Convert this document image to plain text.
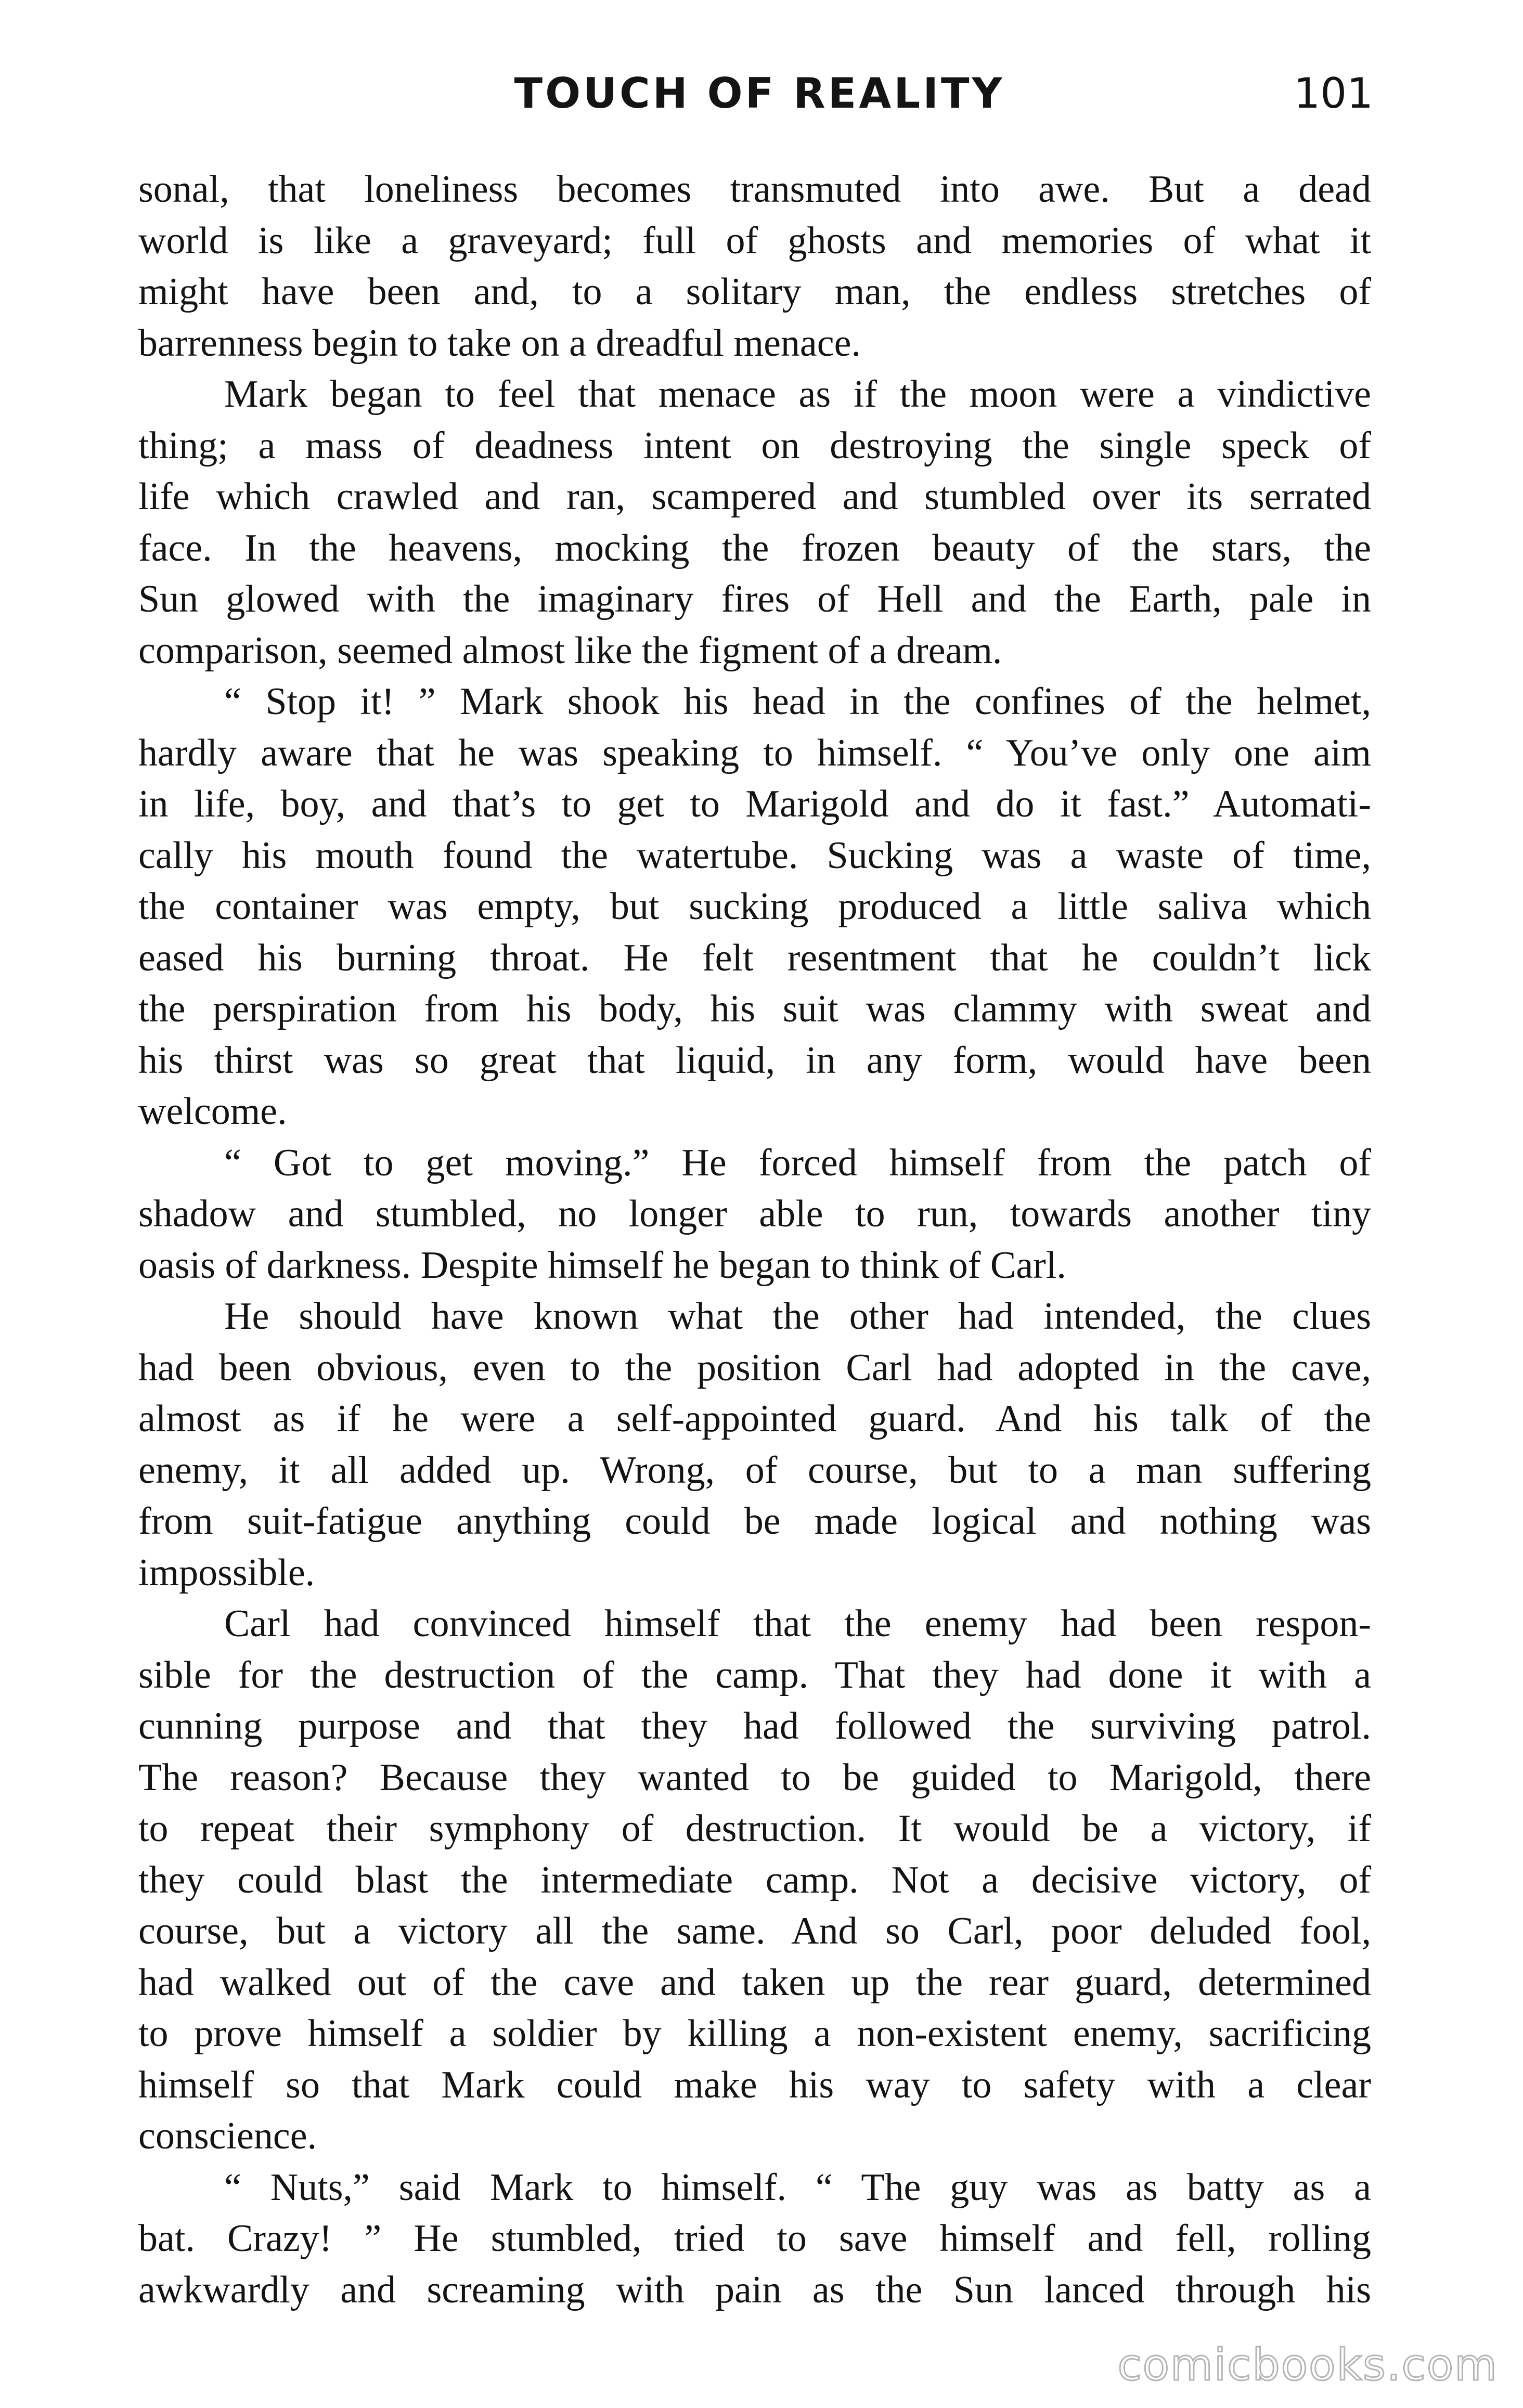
TOUCH OF REALITY	101
sonal, that loneliness becomes transmuted into awe. But a dead
world is like a graveyard; full of ghosts and memories of what it
might have been and, to a solitary man, the endless stretches of
barrenness begin to take on a dreadful menace.
Mark began to feel that menace as if the moon were a vindictive
thing; a mass of deadness intent on destroying the single speck of
life which crawled and ran, scampered and stumbled over its serrated
face. In the heavens, mocking the frozen beauty of the stars, the
Sun glowed with the imaginary fires of Hell and the Earth, pale in
comparison, seemed almost like the figment of a dream.
“ Stop it! ” Mark shook his head in the confines of the helmet,
hardly aware that he was speaking to himself. “ You’ve only one aim
in life, boy, and that’s to get to Marigold and do it fast.” Automati-
cally his mouth found the watertube. Sucking was a waste of time,
the container was empty, but sucking produced a little saliva which
eased his burning throat. He felt resentment that he couldn’t lick
the perspiration from his body, his suit was clammy with sweat and
his thirst was so great that liquid, in any form, would have been
welcome.
“ Got to get moving.” He forced himself from the patch of
shadow and stumbled, no longer able to run, towards another tiny
oasis of darkness. Despite himself he began to think of Carl.
He should have known what the other had intended, the clues
had been obvious, even to the position Carl had adopted in the cave,
almost as if he were a self-appointed guard. And his talk of the
enemy, it all added up. Wrong, of course, but to a man suffering
from suit-fatigue anything could be made logical and nothing was
impossible.
Carl had convinced himself that the enemy had been respon-
sible for the destruction of the camp. That they had done it with a
cunning purpose and that they had followed the surviving patrol.
The reason? Because they wanted to be guided to Marigold, there
to repeat their symphony of destruction. It would be a victory, if
they could blast the intermediate camp. Not a decisive victory, of
course, but a victory all the same. And so Carl, poor deluded fool,
had walked out of the cave and taken up the rear guard, determined
to prove himself a soldier by killing a non-existent enemy, sacrificing
himself so that Mark could make his way to safety with a clear
conscience.
“ Nuts,” said Mark to himself. “ The guy was as batty as a
bat. Crazy! ” He stumbled, tried to save himself and fell, rolling
awkwardly and screaming with pain as the Sun lanced through his
comicbooks.com
